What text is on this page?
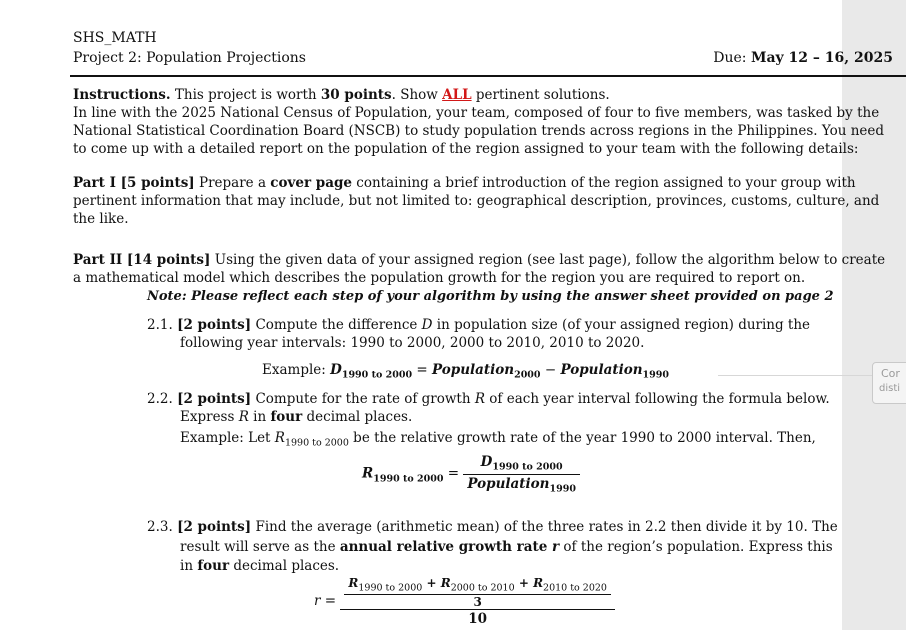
Cor
disti
SHS_MATH
Project 2: Population Projections	Due: May 12 – 16, 2025
Instructions. This project is worth 30 points. Show ALL pertinent solutions.
In line with the 2025 National Census of Population, your team, composed of four to five members, was tasked by the
National Statistical Coordination Board (NSCB) to study population trends across regions in the Philippines. You need
to come up with a detailed report on the population of the region assigned to your team with the following details:
Part I [5 points] Prepare a cover page containing a brief introduction of the region assigned to your group with
pertinent information that may include, but not limited to: geographical description, provinces, customs, culture, and
the like.
Part II [14 points] Using the given data of your assigned region (see last page), follow the algorithm below to create
a mathematical model which describes the population growth for the region you are required to report on.
Note: Please reflect each step of your algorithm by using the answer sheet provided on page 2
2.1. [2 points] Compute the difference D in population size (of your assigned region) during the
following year intervals: 1990 to 2000, 2000 to 2010, 2010 to 2020.
Example: $D_{1990 to 2000}$ = Population$_{2000}$ − Population$_{1990}$
2.2. [2 points] Compute for the rate of growth R of each year interval following the formula below.
Express R in four decimal places.
Example: Let $R_{1990 to 2000}$ be the relative growth rate of the year 1990 to 2000 interval. Then,
$R_{1990 to 2000} = \frac{D_{1990 to 2000}}{Population_{1990}}$
2.3. [2 points] Find the average (arithmetic mean) of the three rates in 2.2 then divide it by 10. The
result will serve as the annual relative growth rate r of the region’s population. Express this
in four decimal places.
$r = \frac{\frac{R_{1990 to 2000} + R_{2000 to 2010} + R_{2010 to 2020}}{3}}{10}$
